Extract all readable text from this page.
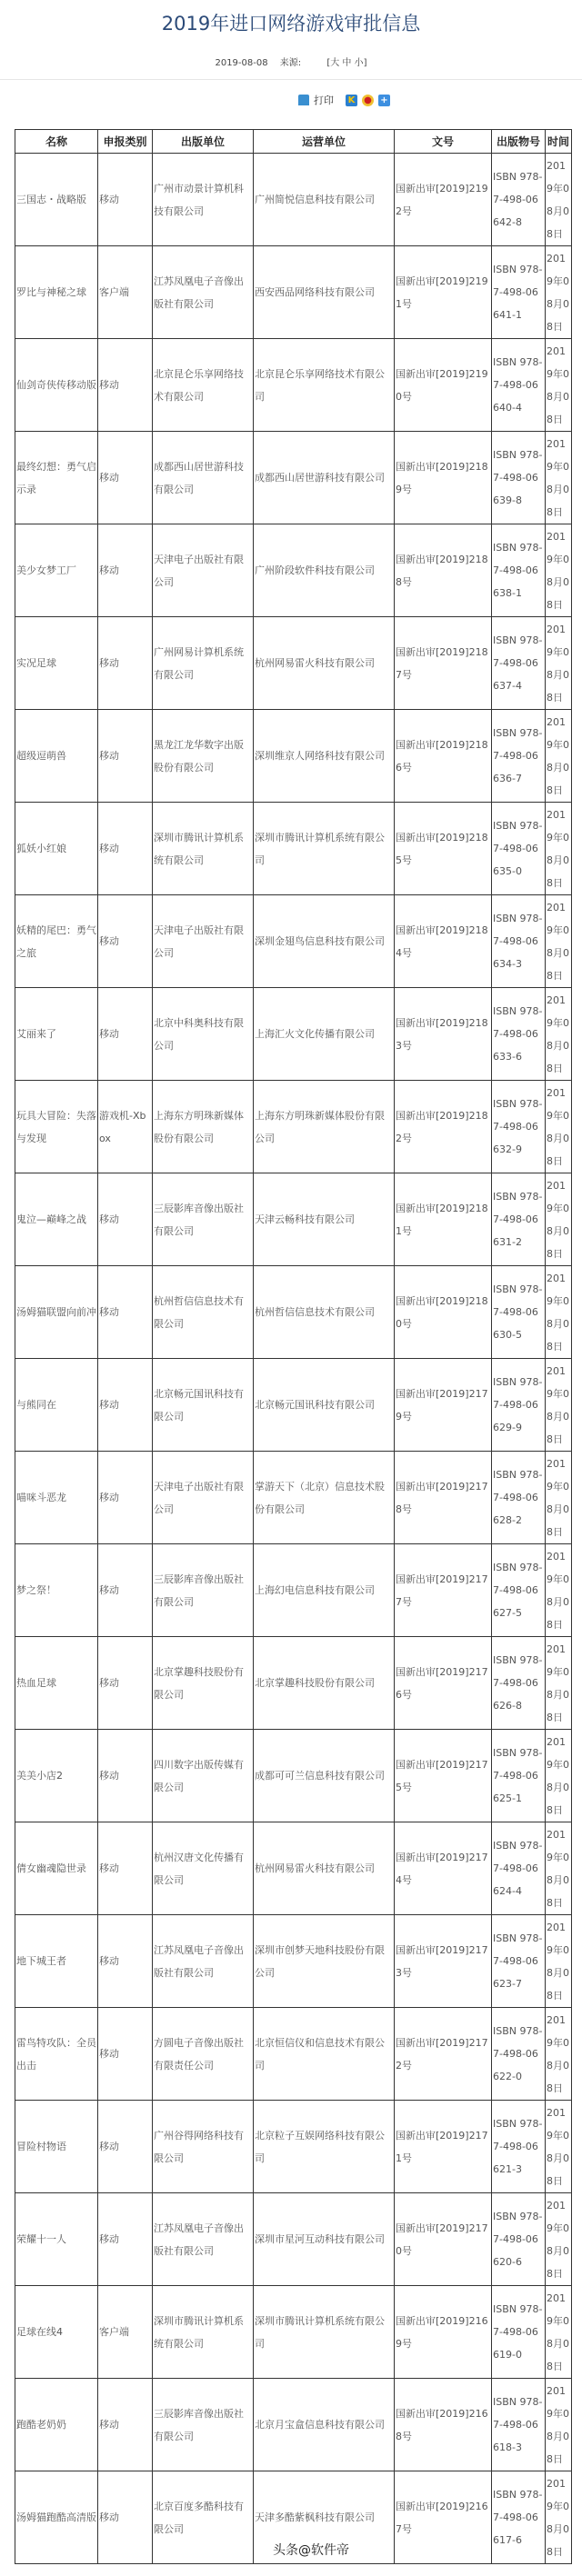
2019年进口网络游戏审批信息
2019-08-08 来源:	[大 中 小]
打印 K ● +
名称	申报类别	出版单位	运营单位	文号	出版物号	时间
三国志・战略版	移动	广州市动景计算机科技有限公司	广州简悦信息科技有限公司	国新出审[2019]2192号	ISBN 978-7-498-06642-8	2019年08月08日
罗比与神秘之球	客户端	江苏凤凰电子音像出版社有限公司	西安西品网络科技有限公司	国新出审[2019]2191号	ISBN 978-7-498-06641-1	2019年08月08日
仙剑奇侠传移动版	移动	北京昆仑乐享网络技术有限公司	北京昆仑乐享网络技术有限公司	国新出审[2019]2190号	ISBN 978-7-498-06640-4	2019年08月08日
最终幻想：勇气启示录	移动	成都西山居世游科技有限公司	成都西山居世游科技有限公司	国新出审[2019]2189号	ISBN 978-7-498-06639-8	2019年08月08日
美少女梦工厂	移动	天津电子出版社有限公司	广州阶段软件科技有限公司	国新出审[2019]2188号	ISBN 978-7-498-06638-1	2019年08月08日
实况足球	移动	广州网易计算机系统有限公司	杭州网易雷火科技有限公司	国新出审[2019]2187号	ISBN 978-7-498-06637-4	2019年08月08日
超级逗萌兽	移动	黑龙江龙华数字出版股份有限公司	深圳维京人网络科技有限公司	国新出审[2019]2186号	ISBN 978-7-498-06636-7	2019年08月08日
狐妖小红娘	移动	深圳市腾讯计算机系统有限公司	深圳市腾讯计算机系统有限公司	国新出审[2019]2185号	ISBN 978-7-498-06635-0	2019年08月08日
妖精的尾巴：勇气之旅	移动	天津电子出版社有限公司	深圳金翅鸟信息科技有限公司	国新出审[2019]2184号	ISBN 978-7-498-06634-3	2019年08月08日
艾丽来了	移动	北京中科奥科技有限公司	上海汇火文化传播有限公司	国新出审[2019]2183号	ISBN 978-7-498-06633-6	2019年08月08日
玩具大冒险：失落与发现	游戏机-Xbox	上海东方明珠新媒体股份有限公司	上海东方明珠新媒体股份有限公司	国新出审[2019]2182号	ISBN 978-7-498-06632-9	2019年08月08日
鬼泣—巅峰之战	移动	三辰影库音像出版社有限公司	天津云畅科技有限公司	国新出审[2019]2181号	ISBN 978-7-498-06631-2	2019年08月08日
汤姆猫联盟向前冲	移动	杭州哲信信息技术有限公司	杭州哲信信息技术有限公司	国新出审[2019]2180号	ISBN 978-7-498-06630-5	2019年08月08日
与熊同在	移动	北京畅元国讯科技有限公司	北京畅元国讯科技有限公司	国新出审[2019]2179号	ISBN 978-7-498-06629-9	2019年08月08日
喵咪斗恶龙	移动	天津电子出版社有限公司	掌游天下（北京）信息技术股份有限公司	国新出审[2019]2178号	ISBN 978-7-498-06628-2	2019年08月08日
梦之祭！	移动	三辰影库音像出版社有限公司	上海幻电信息科技有限公司	国新出审[2019]2177号	ISBN 978-7-498-06627-5	2019年08月08日
热血足球	移动	北京掌趣科技股份有限公司	北京掌趣科技股份有限公司	国新出审[2019]2176号	ISBN 978-7-498-06626-8	2019年08月08日
美美小店2	移动	四川数字出版传媒有限公司	成都可可兰信息科技有限公司	国新出审[2019]2175号	ISBN 978-7-498-06625-1	2019年08月08日
倩女幽魂隐世录	移动	杭州汉唐文化传播有限公司	杭州网易雷火科技有限公司	国新出审[2019]2174号	ISBN 978-7-498-06624-4	2019年08月08日
地下城王者	移动	江苏凤凰电子音像出版社有限公司	深圳市创梦天地科技股份有限公司	国新出审[2019]2173号	ISBN 978-7-498-06623-7	2019年08月08日
雷鸟特攻队：全员出击	移动	方圆电子音像出版社有限责任公司	北京恒信仪和信息技术有限公司	国新出审[2019]2172号	ISBN 978-7-498-06622-0	2019年08月08日
冒险村物语	移动	广州谷得网络科技有限公司	北京粒子互娱网络科技有限公司	国新出审[2019]2171号	ISBN 978-7-498-06621-3	2019年08月08日
荣耀十一人	移动	江苏凤凰电子音像出版社有限公司	深圳市星河互动科技有限公司	国新出审[2019]2170号	ISBN 978-7-498-06620-6	2019年08月08日
足球在线4	客户端	深圳市腾讯计算机系统有限公司	深圳市腾讯计算机系统有限公司	国新出审[2019]2169号	ISBN 978-7-498-06619-0	2019年08月08日
跑酷老奶奶	移动	三辰影库音像出版社有限公司	北京月宝盒信息科技有限公司	国新出审[2019]2168号	ISBN 978-7-498-06618-3	2019年08月08日
汤姆猫跑酷高清版	移动	北京百度多酷科技有限公司	天津多酷紫枫科技有限公司	国新出审[2019]2167号	ISBN 978-7-498-06617-6	2019年08月08日
头条@软件帝
